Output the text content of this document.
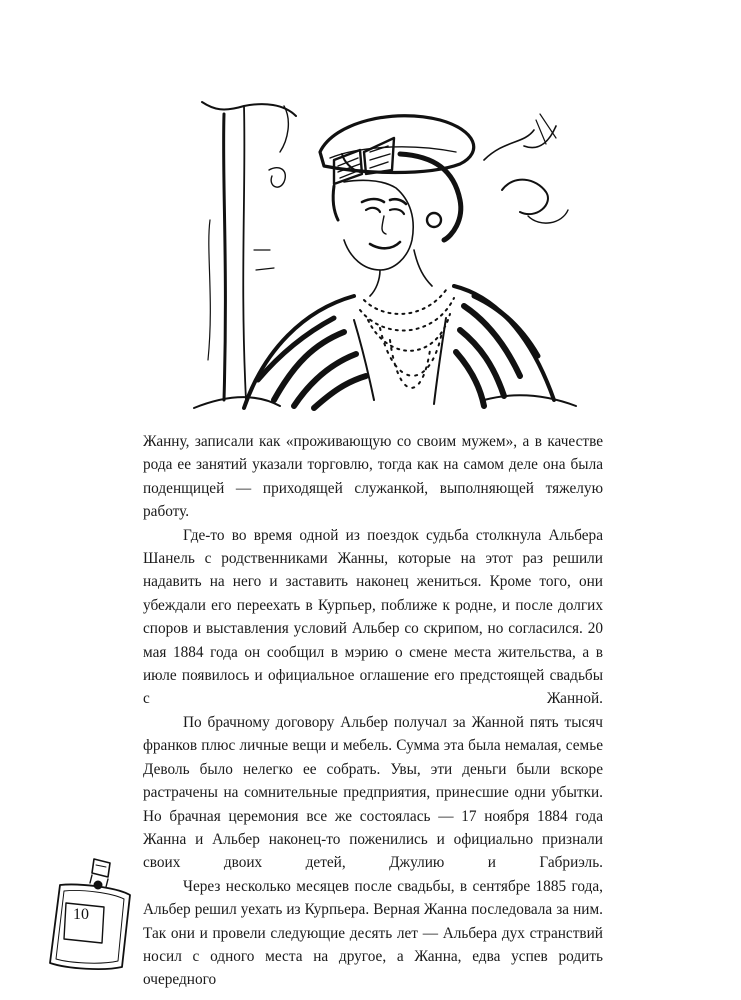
Жанну, записали как «проживающую со своим мужем», а в качестве рода ее занятий указали торговлю, тогда как на самом деле она была поденщицей — приходящей служанкой, выполняющей тяжелую работу.

Где-то во время одной из поездок судьба столкнула Альбера Шанель с родственниками Жанны, которые на этот раз решили надавить на него и заставить наконец жениться. Кроме того, они убеждали его переехать в Курпьер, поближе к родне, и после долгих споров и выставления условий Альбер со скрипом, но согласился. 20 мая 1884 года он сообщил в мэрию о смене места жительства, а в июле появилось и официальное оглашение его предстоящей свадьбы с Жанной.

По брачному договору Альбер получал за Жанной пять тысяч франков плюс личные вещи и мебель. Сумма эта была немалая, семье Деволь было нелегко ее собрать. Увы, эти деньги были вскоре растрачены на сомнительные предприятия, принесшие одни убытки. Но брачная церемония все же состоялась — 17 ноября 1884 года Жанна и Альбер наконец-то поженились и официально признали своих двоих детей, Джулию и Габриэль.

Через несколько месяцев после свадьбы, в сентябре 1885 года, Альбер решил уехать из Курпьера. Верная Жанна последовала за ним. Так они и провели следующие десять лет — Альбера дух странствий носил с одного места на другое, а Жанна, едва успев родить очередного

10
